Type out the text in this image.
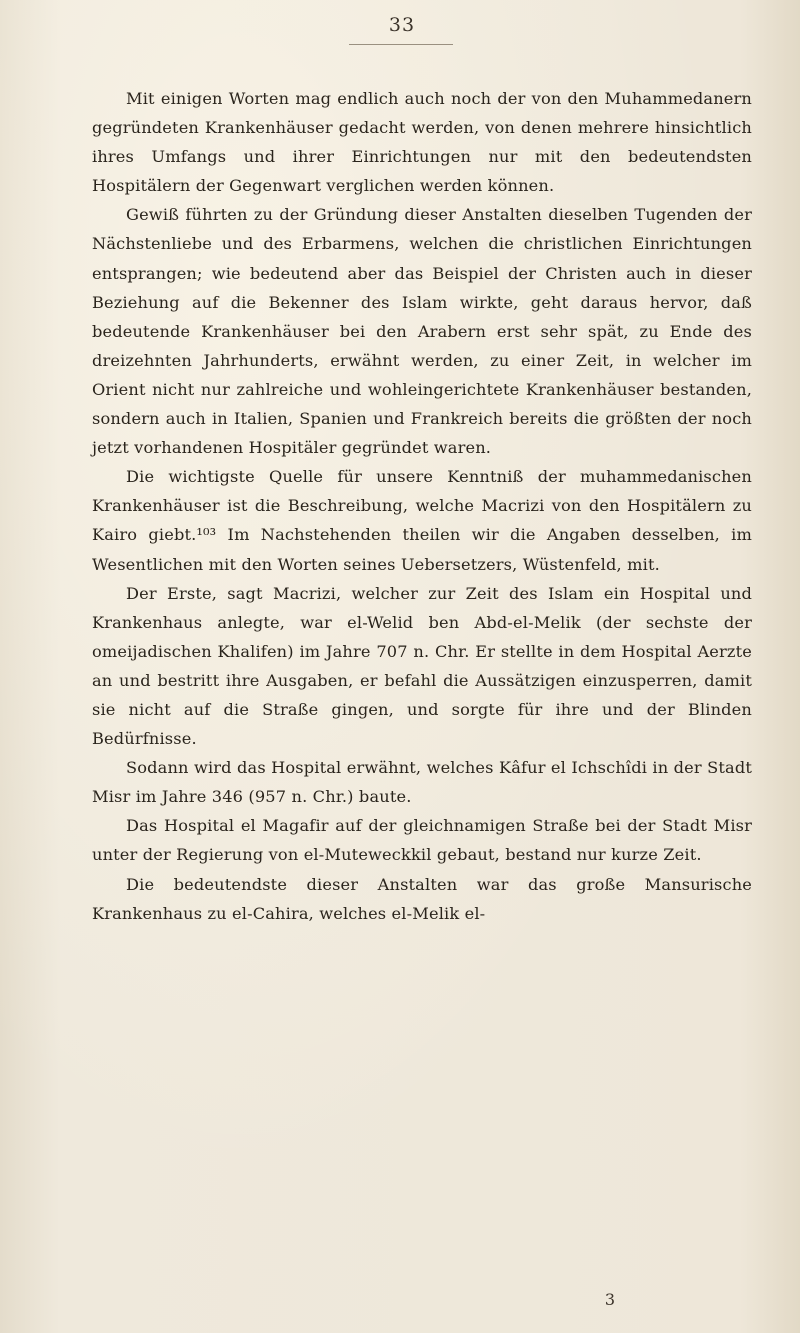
33

Mit einigen Worten mag endlich auch noch der von den Muhammedanern gegründeten Krankenhäuser gedacht werden, von denen mehrere hinsichtlich ihres Umfangs und ihrer Einrichtungen nur mit den bedeutendsten Hospitälern der Gegenwart verglichen werden können.

Gewiß führten zu der Gründung dieser Anstalten dieselben Tugenden der Nächstenliebe und des Erbarmens, welchen die christlichen Einrichtungen entsprangen; wie bedeutend aber das Beispiel der Christen auch in dieser Beziehung auf die Bekenner des Islam wirkte, geht daraus hervor, daß bedeutende Krankenhäuser bei den Arabern erst sehr spät, zu Ende des dreizehnten Jahrhunderts, erwähnt werden, zu einer Zeit, in welcher im Orient nicht nur zahlreiche und wohleingerichtete Krankenhäuser bestanden, sondern auch in Italien, Spanien und Frankreich bereits die größten der noch jetzt vorhandenen Hospitäler gegründet waren.

Die wichtigste Quelle für unsere Kenntniß der muhammedanischen Krankenhäuser ist die Beschreibung, welche Macrizi von den Hospitälern zu Kairo giebt.¹⁰³ Im Nachstehenden theilen wir die Angaben desselben, im Wesentlichen mit den Worten seines Uebersetzers, Wüstenfeld, mit.

Der Erste, sagt Macrizi, welcher zur Zeit des Islam ein Hospital und Krankenhaus anlegte, war el-Welid ben Abd-el-Melik (der sechste der omeijadischen Khalifen) im Jahre 707 n. Chr. Er stellte in dem Hospital Aerzte an und bestritt ihre Ausgaben, er befahl die Aussätzigen einzusperren, damit sie nicht auf die Straße gingen, und sorgte für ihre und der Blinden Bedürfnisse.

Sodann wird das Hospital erwähnt, welches Kâfur el Ichschîdi in der Stadt Misr im Jahre 346 (957 n. Chr.) baute.

Das Hospital el Magafir auf der gleichnamigen Straße bei der Stadt Misr unter der Regierung von el-Muteweckkil gebaut, bestand nur kurze Zeit.

Die bedeutendste dieser Anstalten war das große Mansurische Krankenhaus zu el-Cahira, welches el-Melik el-

3
